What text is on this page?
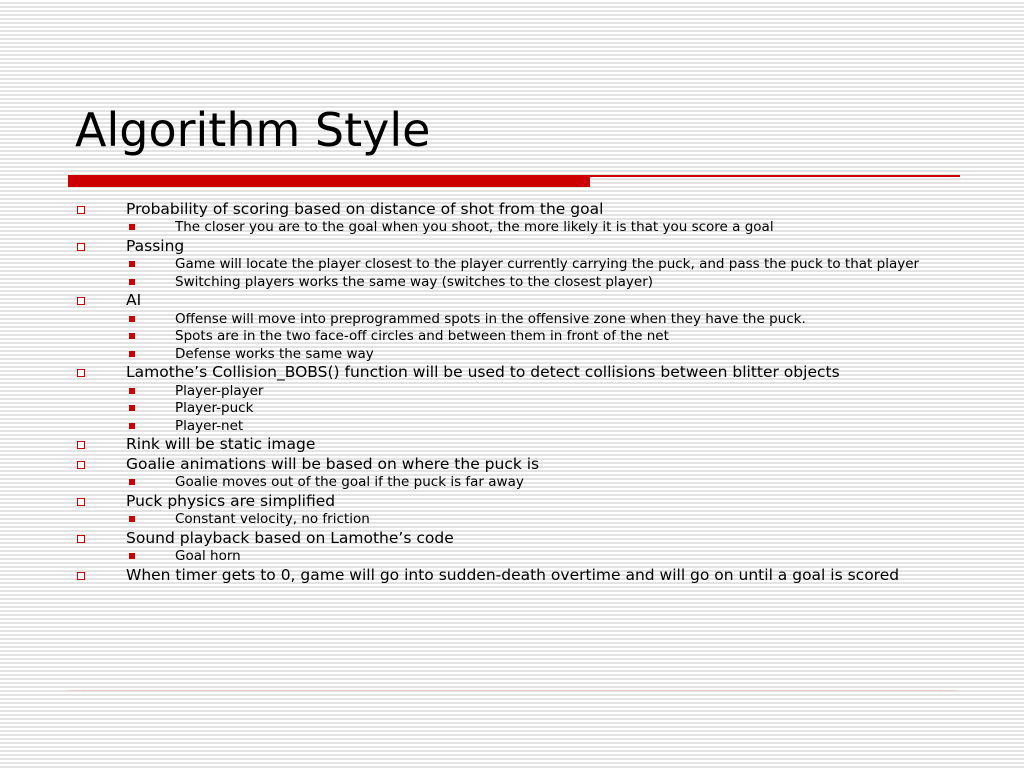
Algorithm Style
Probability of scoring based on distance of shot from the goal
The closer you are to the goal when you shoot, the more likely it is that you score a goal
Passing
Game will locate the player closest to the player currently carrying the puck, and pass the puck to that player
Switching players works the same way (switches to the closest player)
AI
Offense will move into preprogrammed spots in the offensive zone when they have the puck.
Spots are in the two face-off circles and between them in front of the net
Defense works the same way
Lamothe’s Collision_BOBS() function will be used to detect collisions between blitter objects
Player-player
Player-puck
Player-net
Rink will be static image
Goalie animations will be based on where the puck is
Goalie moves out of the goal if the puck is far away
Puck physics are simplified
Constant velocity, no friction
Sound playback based on Lamothe’s code
Goal horn
When timer gets to 0, game will go into sudden-death overtime and will go on until a goal is scored
